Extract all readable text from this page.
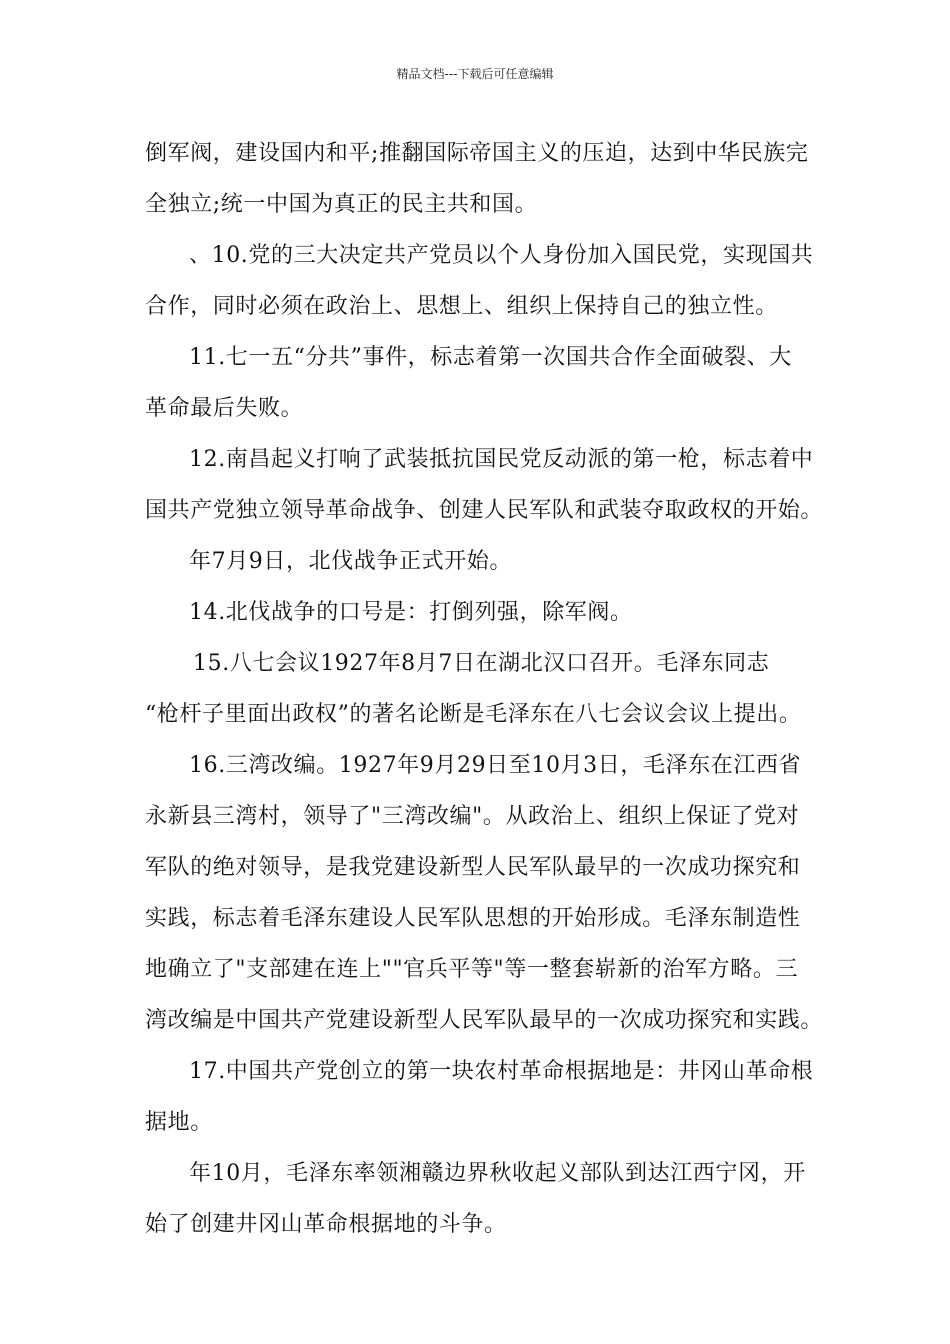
精品文档---下载后可任意编辑
倒军阀，建设国内和平;推翻国际帝国主义的压迫，达到中华民族完
全独立;统一中国为真正的民主共和国。
、10.党的三大决定共产党员以个人身份加入国民党，实现国共
合作，同时必须在政治上、思想上、组织上保持自己的独立性。
11.七一五“分共”事件，标志着第一次国共合作全面破裂、大
革命最后失败。
12.南昌起义打响了武装抵抗国民党反动派的第一枪，标志着中
国共产党独立领导革命战争、创建人民军队和武装夺取政权的开始。
年7月9日，北伐战争正式开始。
14.北伐战争的口号是：打倒列强，除军阀。
15.八七会议1927年8月7日在湖北汉口召开。毛泽东同志
“枪杆子里面出政权”的著名论断是毛泽东在八七会议会议上提出。
16.三湾改编。1927年9月29日至10月3日，毛泽东在江西省
永新县三湾村，领导了"三湾改编"。从政治上、组织上保证了党对
军队的绝对领导，是我党建设新型人民军队最早的一次成功探究和
实践，标志着毛泽东建设人民军队思想的开始形成。毛泽东制造性
地确立了"支部建在连上""官兵平等"等一整套崭新的治军方略。三
湾改编是中国共产党建设新型人民军队最早的一次成功探究和实践。
17.中国共产党创立的第一块农村革命根据地是：井冈山革命根
据地。
年10月，毛泽东率领湘赣边界秋收起义部队到达江西宁冈，开
始了创建井冈山革命根据地的斗争。
